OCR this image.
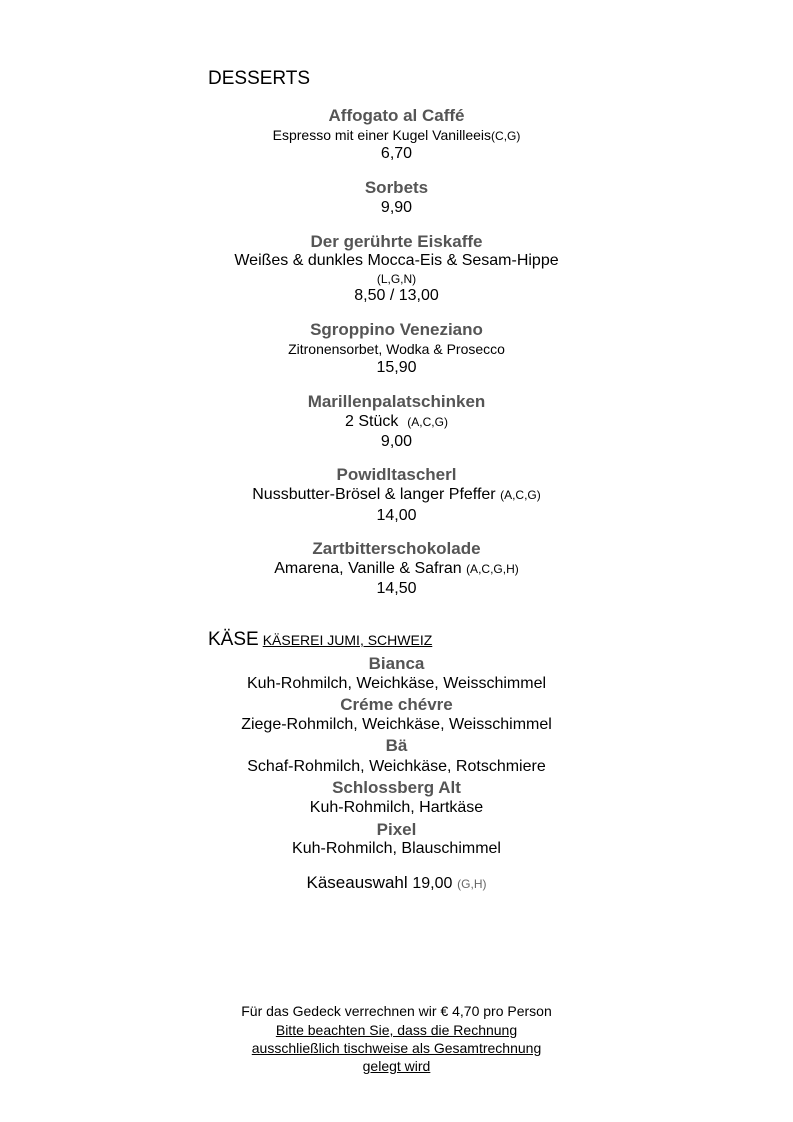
DESSERTS
Affogato al Caffé
Espresso mit einer Kugel Vanilleeis(C,G)
6,70
Sorbets
9,90
Der gerührte Eiskaffe
Weißes & dunkles Mocca-Eis & Sesam-Hippe
(L,G,N)
8,50 / 13,00
Sgroppino Veneziano
Zitronensorbet, Wodka & Prosecco
15,90
Marillenpalatschinken
2 Stück (A,C,G)
9,00
Powidltascherl
Nussbutter-Brösel & langer Pfeffer (A,C,G)
14,00
Zartbitterschokolade
Amarena, Vanille & Safran (A,C,G,H)
14,50
KÄSE KÄSEREI JUMI, SCHWEIZ
Bianca
Kuh-Rohmilch, Weichkäse, Weisschimmel
Créme chévre
Ziege-Rohmilch, Weichkäse, Weisschimmel
Bä
Schaf-Rohmilch, Weichkäse, Rotschmiere
Schlossberg Alt
Kuh-Rohmilch, Hartkäse
Pixel
Kuh-Rohmilch, Blauschimmel
Käseauswahl 19,00 (G,H)
Für das Gedeck verrechnen wir € 4,70 pro Person
Bitte beachten Sie, dass die Rechnung
ausschließlich tischweise als Gesamtrechnung
gelegt wird
